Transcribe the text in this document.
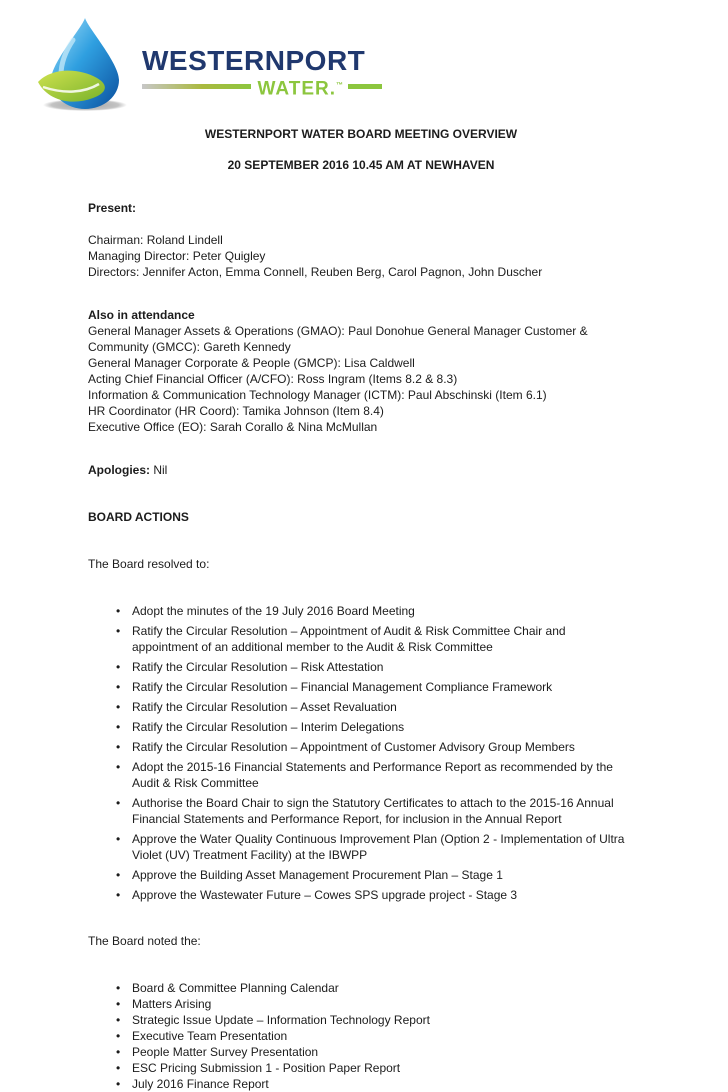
WESTERNPORT
WATER.™

WESTERNPORT WATER BOARD MEETING OVERVIEW

20 SEPTEMBER 2016 10.45 AM AT NEWHAVEN

Present:

Chairman: Roland Lindell

Managing Director: Peter Quigley

Directors: Jennifer Acton, Emma Connell, Reuben Berg, Carol Pagnon, John Duscher

Also in attendance

General Manager Assets & Operations (GMAO): Paul Donohue General Manager Customer & Community (GMCC): Gareth Kennedy

General Manager Corporate & People (GMCP): Lisa Caldwell

Acting Chief Financial Officer (A/CFO): Ross Ingram (Items 8.2 & 8.3)

Information & Communication Technology Manager (ICTM): Paul Abschinski (Item 6.1)

HR Coordinator (HR Coord): Tamika Johnson (Item 8.4)

Executive Office (EO): Sarah Corallo & Nina McMullan

Apologies: Nil

BOARD ACTIONS

The Board resolved to:

•
Adopt the minutes of the 19 July 2016 Board Meeting
•
Ratify the Circular Resolution – Appointment of Audit & Risk Committee Chair and appointment of an additional member to the Audit & Risk Committee
•
Ratify the Circular Resolution – Risk Attestation
•
Ratify the Circular Resolution – Financial Management Compliance Framework
•
Ratify the Circular Resolution – Asset Revaluation
•
Ratify the Circular Resolution – Interim Delegations
•
Ratify the Circular Resolution – Appointment of Customer Advisory Group Members
•
Adopt the 2015-16 Financial Statements and Performance Report as recommended by the Audit & Risk Committee
•
Authorise the Board Chair to sign the Statutory Certificates to attach to the 2015-16 Annual Financial Statements and Performance Report, for inclusion in the Annual Report
•
Approve the Water Quality Continuous Improvement Plan (Option 2 - Implementation of Ultra Violet (UV) Treatment Facility) at the IBWPP
•
Approve the Building Asset Management Procurement Plan – Stage 1
•
Approve the Wastewater Future – Cowes SPS upgrade project - Stage 3

The Board noted the:

•
Board & Committee Planning Calendar
•
Matters Arising
•
Strategic Issue Update – Information Technology Report
•
Executive Team Presentation
•
People Matter Survey Presentation
•
ESC Pricing Submission 1 - Position Paper Report
•
July 2016 Finance Report
